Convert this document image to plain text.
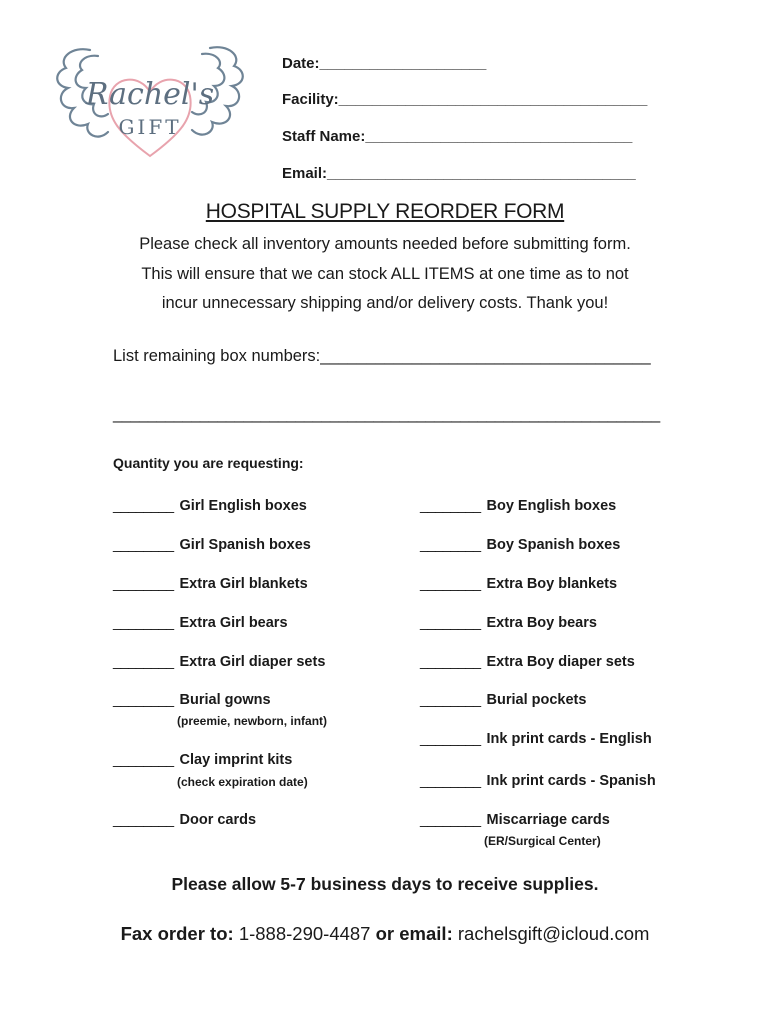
Rachel's
GIFT
Date:____________________
Facility:_____________________________________
Staff Name:________________________________
Email:_____________________________________
HOSPITAL SUPPLY REORDER FORM
Please check all inventory amounts needed before submitting form.
This will ensure that we can stock ALL ITEMS at one time as to not
incur unnecessary shipping and/or delivery costs. Thank you!
List remaining box numbers:____________________________________
_______________________________________________________________
Quantity you are requesting:
________ Girl English boxes
________ Girl Spanish boxes
________ Extra Girl blankets
________ Extra Girl bears
________ Extra Girl diaper sets
________ Burial gowns
(preemie, newborn, infant)
________ Clay imprint kits
(check expiration date)
________ Door cards
________ Boy English boxes
________ Boy Spanish boxes
________ Extra Boy blankets
________ Extra Boy bears
________ Extra Boy diaper sets
________ Burial pockets
________ Ink print cards - English
________ Ink print cards - Spanish
________ Miscarriage cards
(ER/Surgical Center)
Please allow 5-7 business days to receive supplies.
Fax order to: 1-888-290-4487 or email: rachelsgift@icloud.com
